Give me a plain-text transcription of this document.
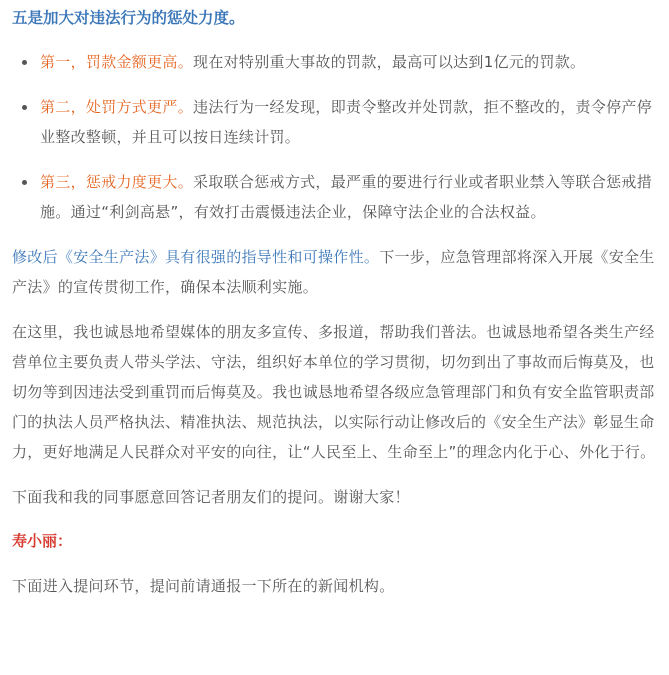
五是加大对违法行为的惩处力度。

第一，罚款金额更高。现在对特别重大事故的罚款，最高可以达到1亿元的罚款。
第二，处罚方式更严。违法行为一经发现，即责令整改并处罚款，拒不整改的，责令停产停业整改整顿，并且可以按日连续计罚。
第三，惩戒力度更大。采取联合惩戒方式，最严重的要进行行业或者职业禁入等联合惩戒措施。通过“利剑高悬”，有效打击震慑违法企业，保障守法企业的合法权益。

修改后《安全生产法》具有很强的指导性和可操作性。下一步，应急管理部将深入开展《安全生产法》的宣传贯彻工作，确保本法顺利实施。

在这里，我也诚恳地希望媒体的朋友多宣传、多报道，帮助我们普法。也诚恳地希望各类生产经营单位主要负责人带头学法、守法，组织好本单位的学习贯彻，切勿到出了事故而后悔莫及，也切勿等到因违法受到重罚而后悔莫及。我也诚恳地希望各级应急管理部门和负有安全监管职责部门的执法人员严格执法、精准执法、规范执法，以实际行动让修改后的《安全生产法》彰显生命力，更好地满足人民群众对平安的向往，让“人民至上、生命至上”的理念内化于心、外化于行。

下面我和我的同事愿意回答记者朋友们的提问。谢谢大家！

寿小丽：

下面进入提问环节，提问前请通报一下所在的新闻机构。
